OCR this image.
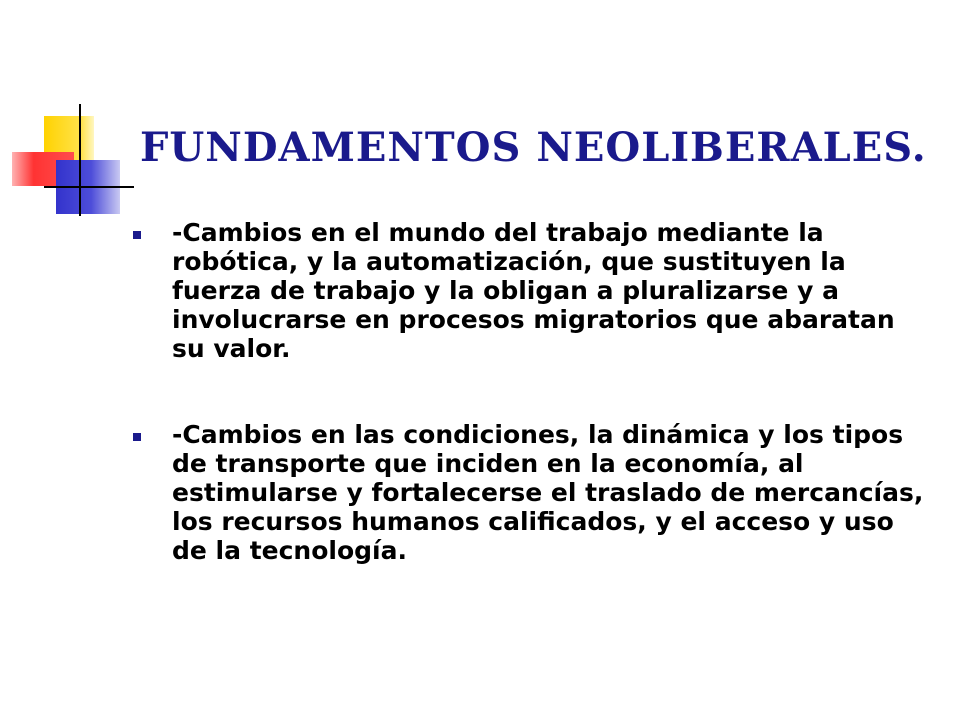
FUNDAMENTOS NEOLIBERALES.
-Cambios en el mundo del trabajo mediante la robótica, y la automatización, que sustituyen la fuerza de trabajo y la obligan a pluralizarse y a involucrarse en procesos migratorios que abaratan su valor.
-Cambios en las condiciones, la dinámica y los tipos de transporte que inciden en la economía, al estimularse y fortalecerse el traslado de mercancías, los recursos humanos calificados, y el acceso y uso de la tecnología.
